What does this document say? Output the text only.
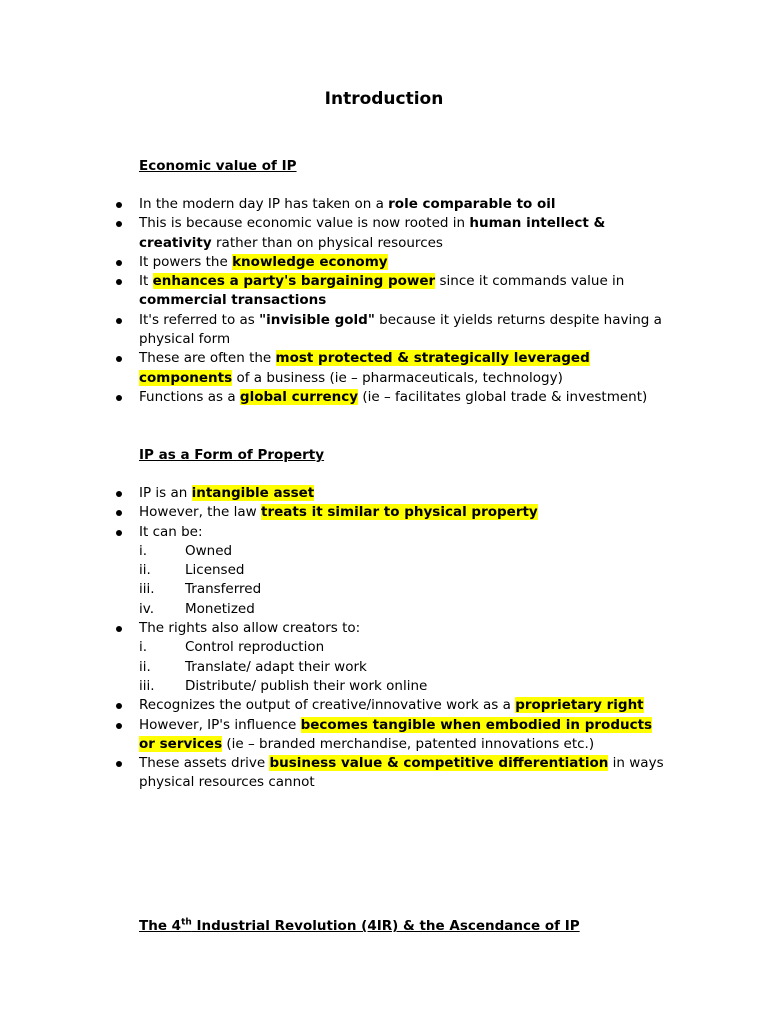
Introduction
Economic value of IP
In the modern day IP has taken on a role comparable to oil
This is because economic value is now rooted in human intellect & creativity rather than on physical resources
It powers the knowledge economy
It enhances a party's bargaining power since it commands value in commercial transactions
It's referred to as "invisible gold" because it yields returns despite having a physical form
These are often the most protected & strategically leveraged components of a business (ie – pharmaceuticals, technology)
Functions as a global currency (ie – facilitates global trade & investment)
IP as a Form of Property
IP is an intangible asset
However, the law treats it similar to physical property
It can be:
i.	Owned
ii.	Licensed
iii. Transferred
iv. Monetized
The rights also allow creators to:
i.	Control reproduction
ii.	Translate/ adapt their work
iii. Distribute/ publish their work online
Recognizes the output of creative/innovative work as a proprietary right
However, IP's influence becomes tangible when embodied in products or services (ie – branded merchandise, patented innovations etc.)
These assets drive business value & competitive differentiation in ways physical resources cannot
The 4th Industrial Revolution (4IR) & the Ascendance of IP
